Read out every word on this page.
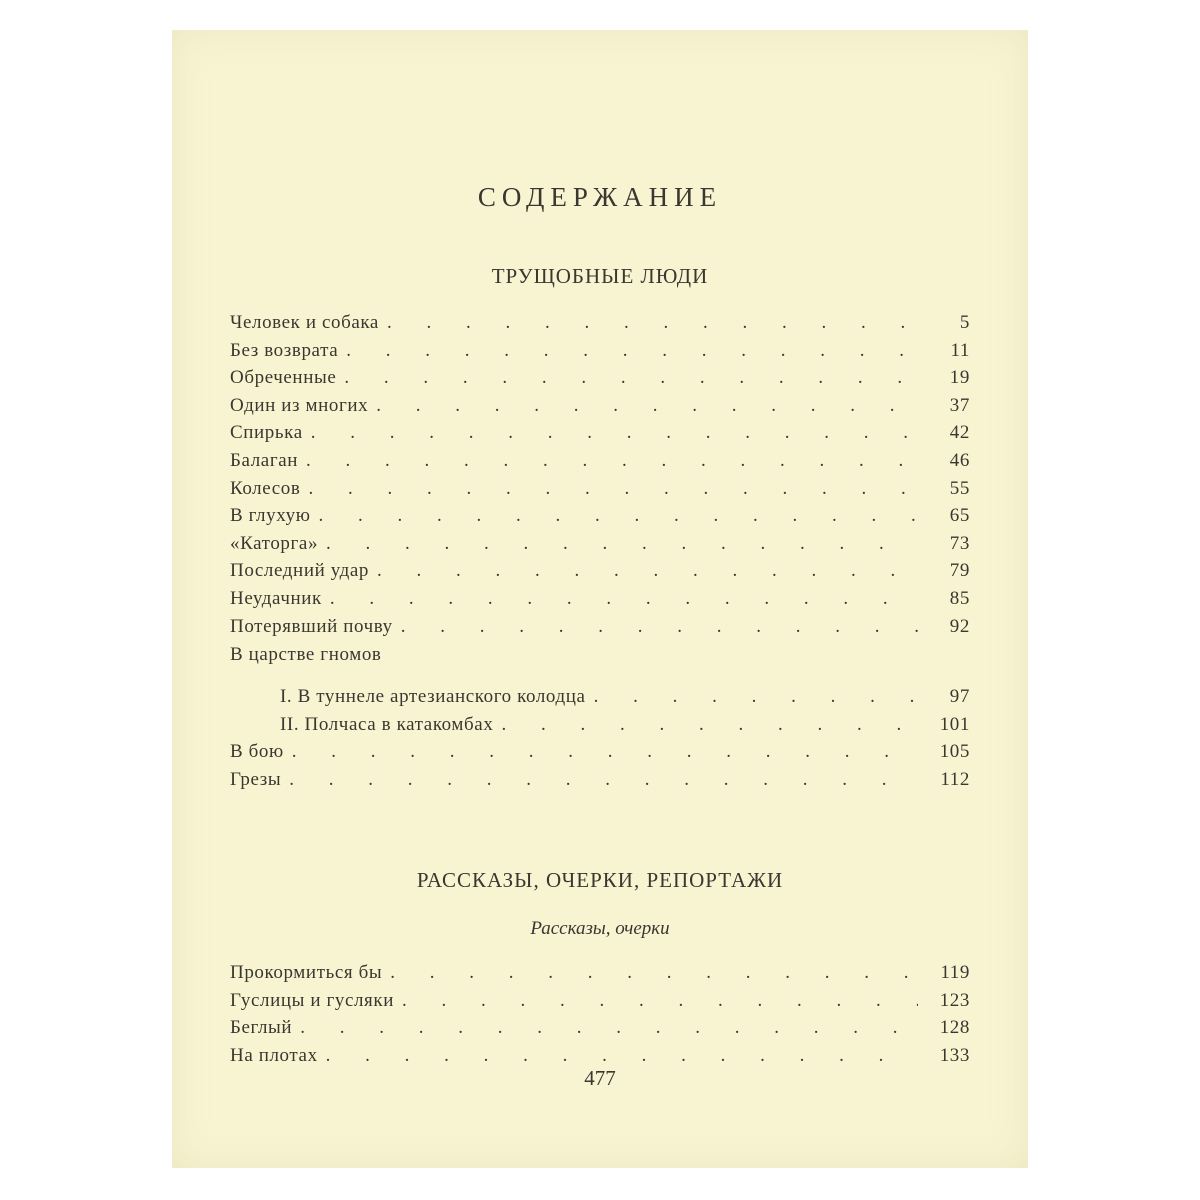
СОДЕРЖАНИЕ
ТРУЩОБНЫЕ ЛЮДИ
Человек и собака . . .	5
Без возврата . . .	11
Обреченные . . .	19
Один из многих . . .	37
Спирька . . .	42
Балаган . . .	46
Колесов . . .	55
В глухую . . .	65
«Каторга» . . .	73
Последний удар . . .	79
Неудачник . . .	85
Потерявший почву . . .	92
В царстве гномов
I. В туннеле артезианского колодца . . .	97
II. Полчаса в катакомбах . . .	101
В бою . . .	105
Грезы . . .	112
РАССКАЗЫ, ОЧЕРКИ, РЕПОРТАЖИ
Рассказы, очерки
Прокормиться бы . . .	119
Гуслицы и гусляки . . .	123
Беглый . . .	128
На плотах . . .	133
477
